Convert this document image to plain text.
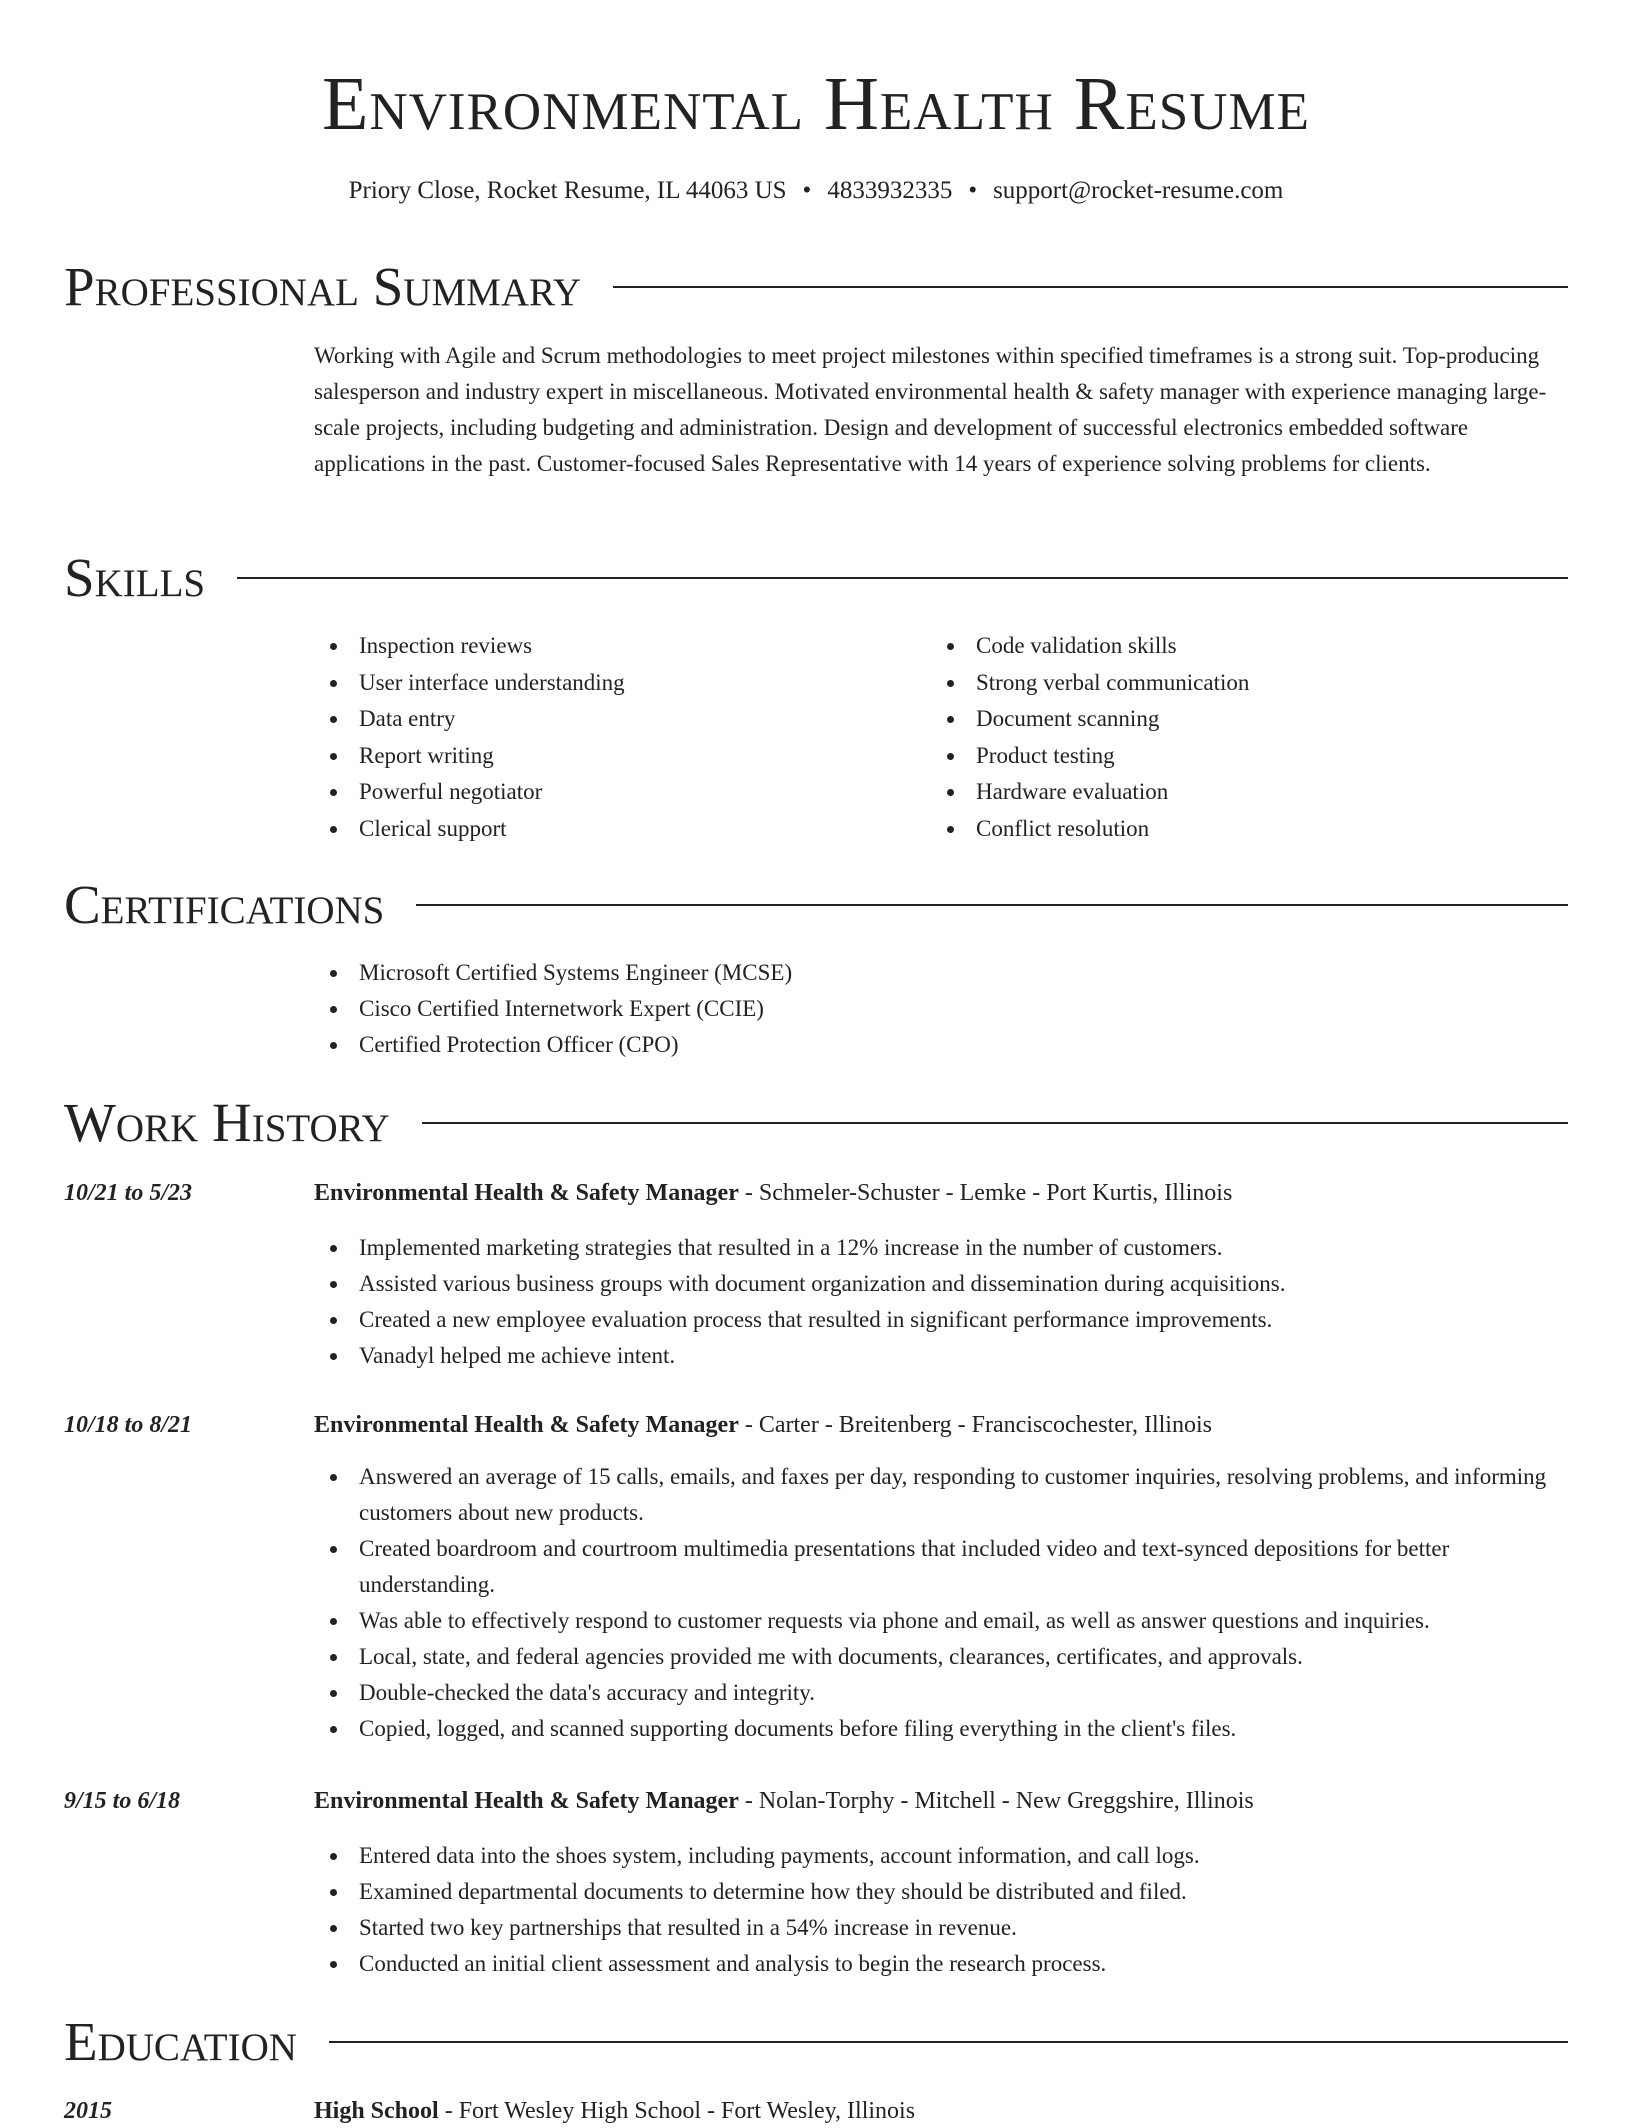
Environmental Health Resume
Priory Close, Rocket Resume, IL 44063 US • 4833932335 • support@rocket-resume.com
Professional Summary

Working with Agile and Scrum methodologies to meet project milestones within specified timeframes is a strong suit. Top-producing salesperson and industry expert in miscellaneous. Motivated environmental health & safety manager with experience managing large-scale projects, including budgeting and administration. Design and development of successful electronics embedded software applications in the past. Customer-focused Sales Representative with 14 years of experience solving problems for clients.

Skills
Inspection reviews
User interface understanding
Data entry
Report writing
Powerful negotiator
Clerical support
Code validation skills
Strong verbal communication
Document scanning
Product testing
Hardware evaluation
Conflict resolution
Certifications
Microsoft Certified Systems Engineer (MCSE)
Cisco Certified Internetwork Expert (CCIE)
Certified Protection Officer (CPO)
Work History
10/21 to 5/23	Environmental Health & Safety Manager - Schmeler-Schuster - Lemke - Port Kurtis, Illinois
Implemented marketing strategies that resulted in a 12% increase in the number of customers.
Assisted various business groups with document organization and dissemination during acquisitions.
Created a new employee evaluation process that resulted in significant performance improvements.
Vanadyl helped me achieve intent.
10/18 to 8/21	Environmental Health & Safety Manager - Carter - Breitenberg - Franciscochester, Illinois
Answered an average of 15 calls, emails, and faxes per day, responding to customer inquiries, resolving problems, and informing customers about new products.
Created boardroom and courtroom multimedia presentations that included video and text-synced depositions for better understanding.
Was able to effectively respond to customer requests via phone and email, as well as answer questions and inquiries.
Local, state, and federal agencies provided me with documents, clearances, certificates, and approvals.
Double-checked the data's accuracy and integrity.
Copied, logged, and scanned supporting documents before filing everything in the client's files.
9/15 to 6/18	Environmental Health & Safety Manager - Nolan-Torphy - Mitchell - New Greggshire, Illinois
Entered data into the shoes system, including payments, account information, and call logs.
Examined departmental documents to determine how they should be distributed and filed.
Started two key partnerships that resulted in a 54% increase in revenue.
Conducted an initial client assessment and analysis to begin the research process.
Education
2015	High School - Fort Wesley High School - Fort Wesley, Illinois
